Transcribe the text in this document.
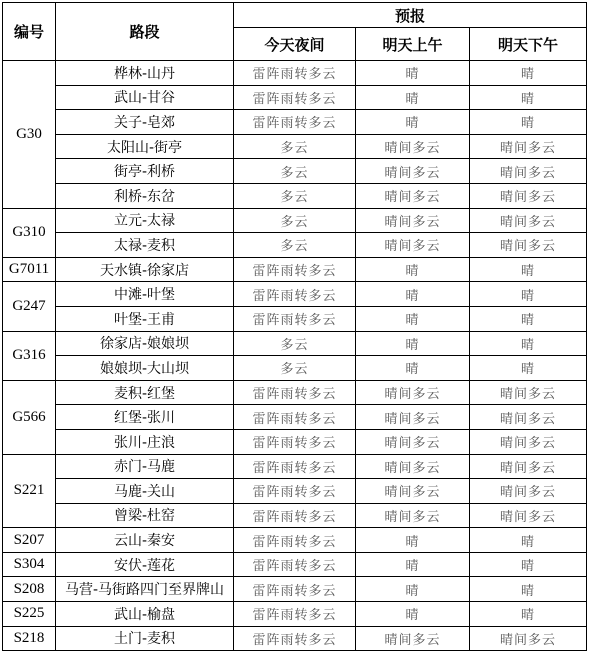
编号	路段	预报		
		今天夜间	明天上午	明天下午
G30	桦林-山丹	雷阵雨转多云	晴	晴
	武山-甘谷	雷阵雨转多云	晴	晴
	关子-皂郊	雷阵雨转多云	晴	晴
	太阳山-街亭	多云	晴间多云	晴间多云
	街亭-利桥	多云	晴间多云	晴间多云
	利桥-东岔	多云	晴间多云	晴间多云
G310	立元-太禄	多云	晴间多云	晴间多云
	太禄-麦积	多云	晴间多云	晴间多云
G7011	天水镇-徐家店	雷阵雨转多云	晴	晴
G247	中滩-叶堡	雷阵雨转多云	晴	晴
	叶堡-王甫	雷阵雨转多云	晴	晴
G316	徐家店-娘娘坝	多云	晴	晴
	娘娘坝-大山坝	多云	晴	晴
G566	麦积-红堡	雷阵雨转多云	晴间多云	晴间多云
	红堡-张川	雷阵雨转多云	晴间多云	晴间多云
	张川-庄浪	雷阵雨转多云	晴间多云	晴间多云
S221	赤门-马鹿	雷阵雨转多云	晴间多云	晴间多云
	马鹿-关山	雷阵雨转多云	晴间多云	晴间多云
	曾梁-杜窑	雷阵雨转多云	晴间多云	晴间多云
S207	云山-秦安	雷阵雨转多云	晴	晴
S304	安伏-莲花	雷阵雨转多云	晴	晴
S208	马营-马街路四门至界牌山	雷阵雨转多云	晴	晴
S225	武山-榆盘	雷阵雨转多云	晴	晴
S218	土门-麦积	雷阵雨转多云	晴间多云	晴间多云
